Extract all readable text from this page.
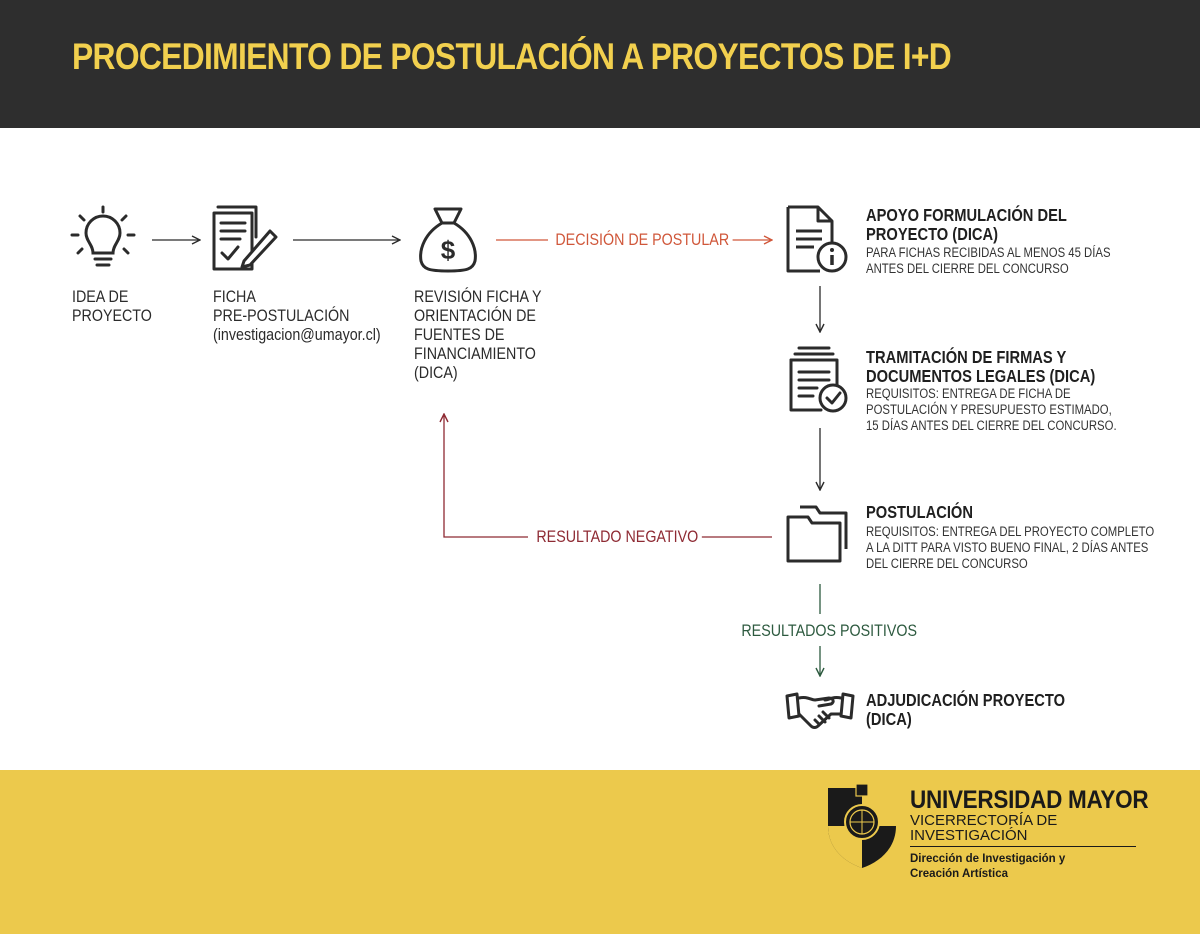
PROCEDIMIENTO DE POSTULACIÓN A PROYECTOS DE I+D
IDEA DE
PROYECTO
FICHA
PRE-POSTULACIÓN
(investigacion@umayor.cl)
$
REVISIÓN FICHA Y
ORIENTACIÓN DE
FUENTES DE
FINANCIAMIENTO
(DICA)
DECISIÓN DE POSTULAR
APOYO FORMULACIÓN DEL
PROYECTO (DICA)
PARA FICHAS RECIBIDAS AL MENOS 45 DÍAS
ANTES DEL CIERRE DEL CONCURSO
TRAMITACIÓN DE FIRMAS Y
DOCUMENTOS LEGALES (DICA)
REQUISITOS: ENTREGA DE FICHA DE
POSTULACIÓN Y PRESUPUESTO ESTIMADO,
15 DÍAS ANTES DEL CIERRE DEL CONCURSO.
POSTULACIÓN
REQUISITOS: ENTREGA DEL PROYECTO COMPLETO
A LA DITT PARA VISTO BUENO FINAL, 2 DÍAS ANTES
DEL CIERRE DEL CONCURSO
RESULTADO NEGATIVO
RESULTADOS POSITIVOS
ADJUDICACIÓN PROYECTO
(DICA)
UNIVERSIDAD MAYOR
VICERRECTORÍA DE
INVESTIGACIÓN
Dirección de Investigación y
Creación Artística
